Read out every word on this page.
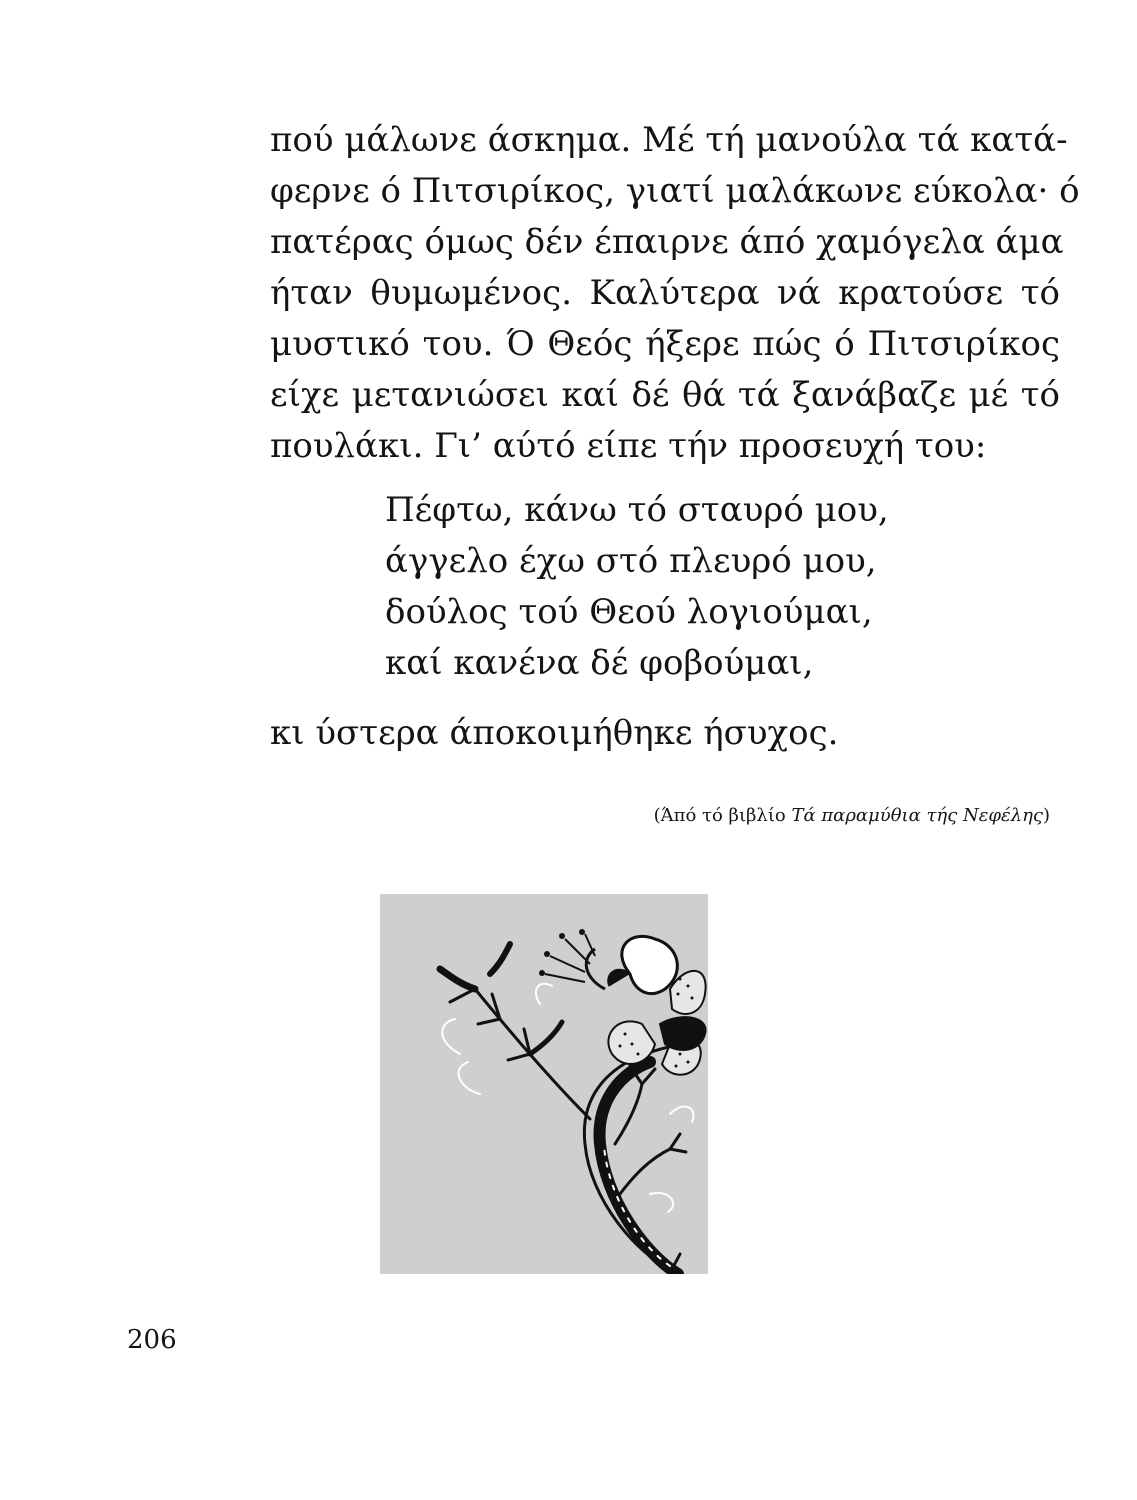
πού μάλωνε άσκημα. Μέ τή μανούλα τά κατά-
φερνε ό Πιτσιρίκος, γιατί μαλάκωνε εύκολα· ό
πατέρας όμως δέν έπαιρνε άπό χαμόγελα άμα
ήταν θυμωμένος. Καλύτερα νά κρατούσε τό
μυστικό του. Ό Θεός ήξερε πώς ό Πιτσιρίκος
είχε μετανιώσει καί δέ θά τά ξανάβαζε μέ τό
πουλάκι. Γι’ αύτό είπε τήν προσευχή του:
Πέφτω, κάνω τό σταυρό μου,
άγγελο έχω στό πλευρό μου,
δούλος τού Θεού λογιούμαι,
καί κανένα δέ φοβούμαι,

κι ύστερα άποκοιμήθηκε ήσυχος.

(Άπό τό βιβλίο Τά παραμύθια τής Νεφέλης)

206
